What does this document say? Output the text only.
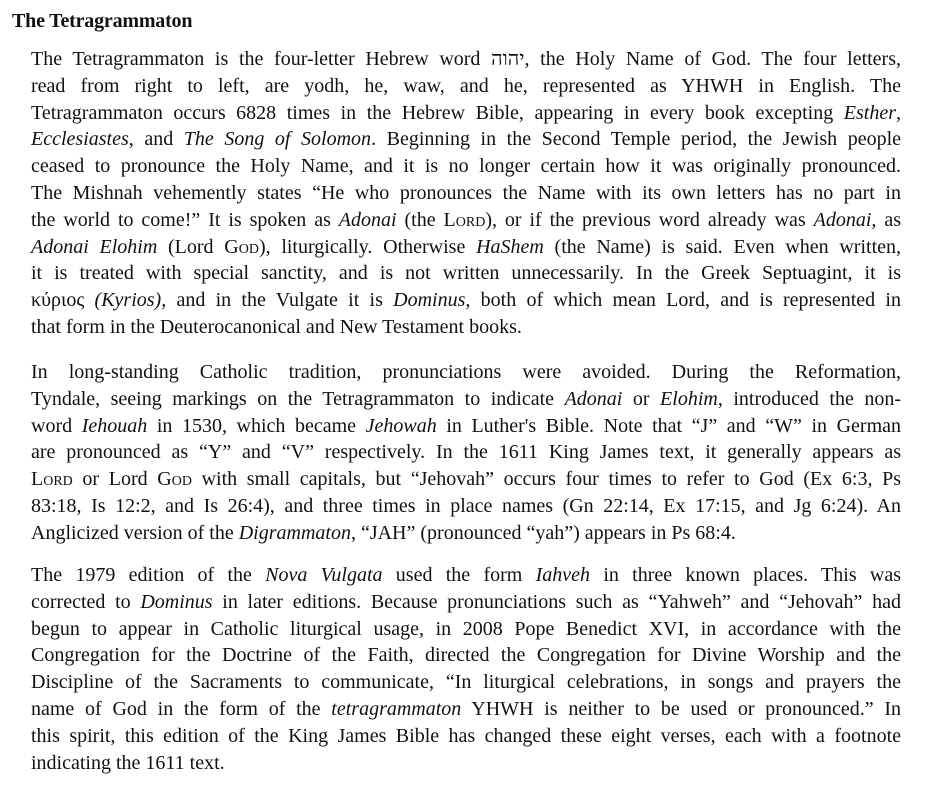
The Tetragrammaton

The Tetragrammaton is the four-letter Hebrew word יהוה, the Holy Name of God. The four letters,
read from right to left, are yodh, he, waw, and he, represented as YHWH in English. The
Tetragrammaton occurs 6828 times in the Hebrew Bible, appearing in every book excepting Esther,
Ecclesiastes, and The Song of Solomon. Beginning in the Second Temple period, the Jewish people
ceased to pronounce the Holy Name, and it is no longer certain how it was originally pronounced.
The Mishnah vehemently states “He who pronounces the Name with its own letters has no part in
the world to come!” It is spoken as Adonai (the Lord), or if the previous word already was Adonai, as
Adonai Elohim (Lord God), liturgically. Otherwise HaShem (the Name) is said. Even when written,
it is treated with special sanctity, and is not written unnecessarily. In the Greek Septuagint, it is
κύριος (Kyrios), and in the Vulgate it is Dominus, both of which mean Lord, and is represented in
that form in the Deuterocanonical and New Testament books.

In long-standing Catholic tradition, pronunciations were avoided. During the Reformation,
Tyndale, seeing markings on the Tetragrammaton to indicate Adonai or Elohim, introduced the non-
word Iehouah in 1530, which became Jehowah in Luther's Bible. Note that “J” and “W” in German
are pronounced as “Y” and “V” respectively. In the 1611 King James text, it generally appears as
Lord or Lord God with small capitals, but “Jehovah” occurs four times to refer to God (Ex 6:3, Ps
83:18, Is 12:2, and Is 26:4), and three times in place names (Gn 22:14, Ex 17:15, and Jg 6:24). An
Anglicized version of the Digrammaton, “JAH” (pronounced “yah”) appears in Ps 68:4.

The 1979 edition of the Nova Vulgata used the form Iahveh in three known places. This was
corrected to Dominus in later editions. Because pronunciations such as “Yahweh” and “Jehovah” had
begun to appear in Catholic liturgical usage, in 2008 Pope Benedict XVI, in accordance with the
Congregation for the Doctrine of the Faith, directed the Congregation for Divine Worship and the
Discipline of the Sacraments to communicate, “In liturgical celebrations, in songs and prayers the
name of God in the form of the tetragrammaton YHWH is neither to be used or pronounced.” In
this spirit, this edition of the King James Bible has changed these eight verses, each with a footnote
indicating the 1611 text.
